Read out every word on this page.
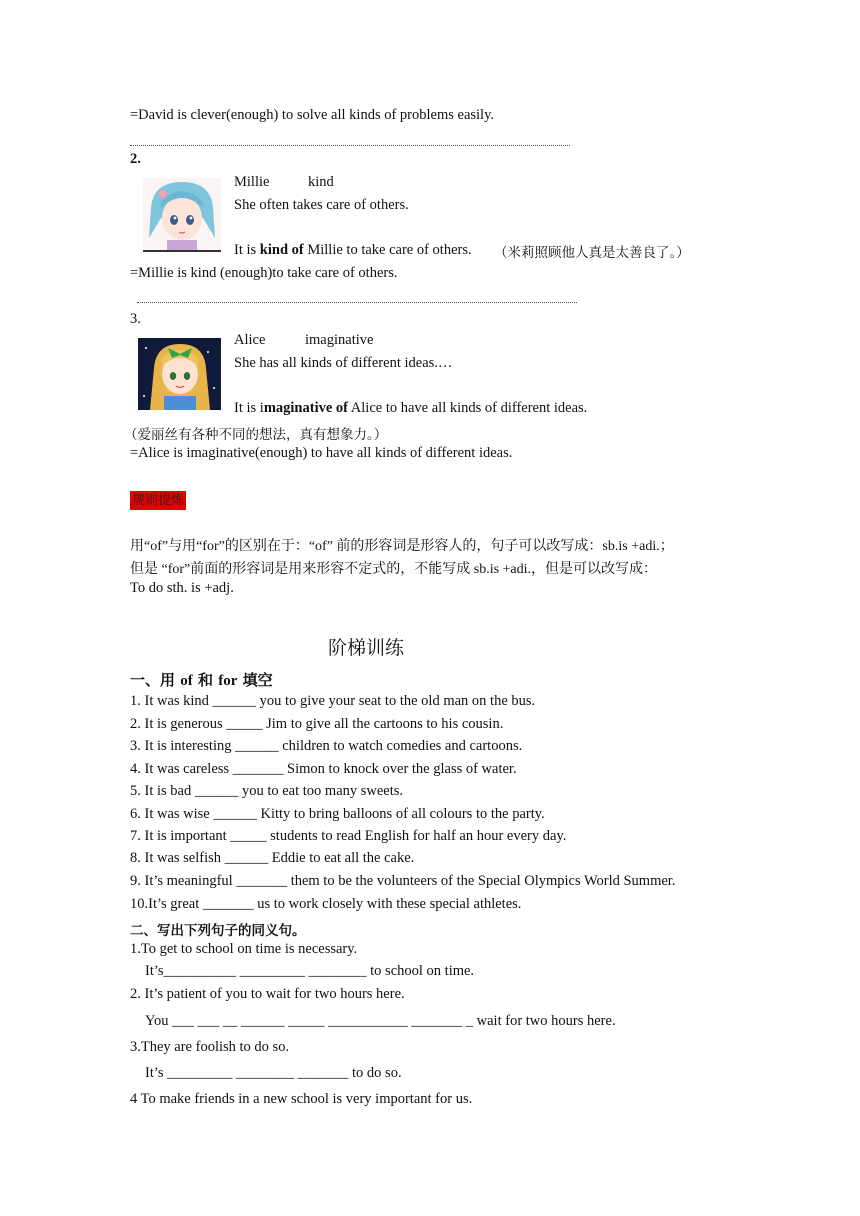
=David is clever(enough) to solve all kinds of problems easily.
2.
Millie	kind
She often takes care of others.
It is kind of Millie to take care of others. （米莉照顾他人真是太善良了。）
=Millie is kind (enough)to take care of others.
3.
Alice	imaginative
She has all kinds of different ideas.…
It is imaginative of Alice to have all kinds of different ideas.
（爱丽丝有各种不同的想法，真有想象力。）
=Alice is imaginative(enough) to have all kinds of different ideas.
规则提炼
用“of”与用“for”的区别在于：“of” 前的形容词是形容人的，句子可以改写成：sb.is +adi.；
但是 “for”前面的形容词是用来形容不定式的，不能写成 sb.is +adi.，但是可以改写成：
To do sth. is +adj.
阶梯训练
一、用 of 和 for 填空
1. It was kind ______ you to give your seat to the old man on the bus.
2. It is generous _____ Jim to give all the cartoons to his cousin.
3. It is interesting ______ children to watch comedies and cartoons.
4. It was careless _______ Simon to knock over the glass of water.
5. It is bad ______ you to eat too many sweets.
6. It was wise ______ Kitty to bring balloons of all colours to the party.
7. It is important _____ students to read English for half an hour every day.
8. It was selfish ______ Eddie to eat all the cake.
9. It’s meaningful _______ them to be the volunteers of the Special Olympics World Summer.
10.It’s great _______ us to work closely with these special athletes.
二、写出下列句子的同义句。
1.To get to school on time is necessary.
It’s__________ _________ ________ to school on time.
2. It’s patient of you to wait for two hours here.
You ___ ___ __ ______ _____ ___________ _______ _ wait for two hours here.
3.They are foolish to do so.
It’s _________ ________ _______ to do so.
4 To make friends in a new school is very important for us.
